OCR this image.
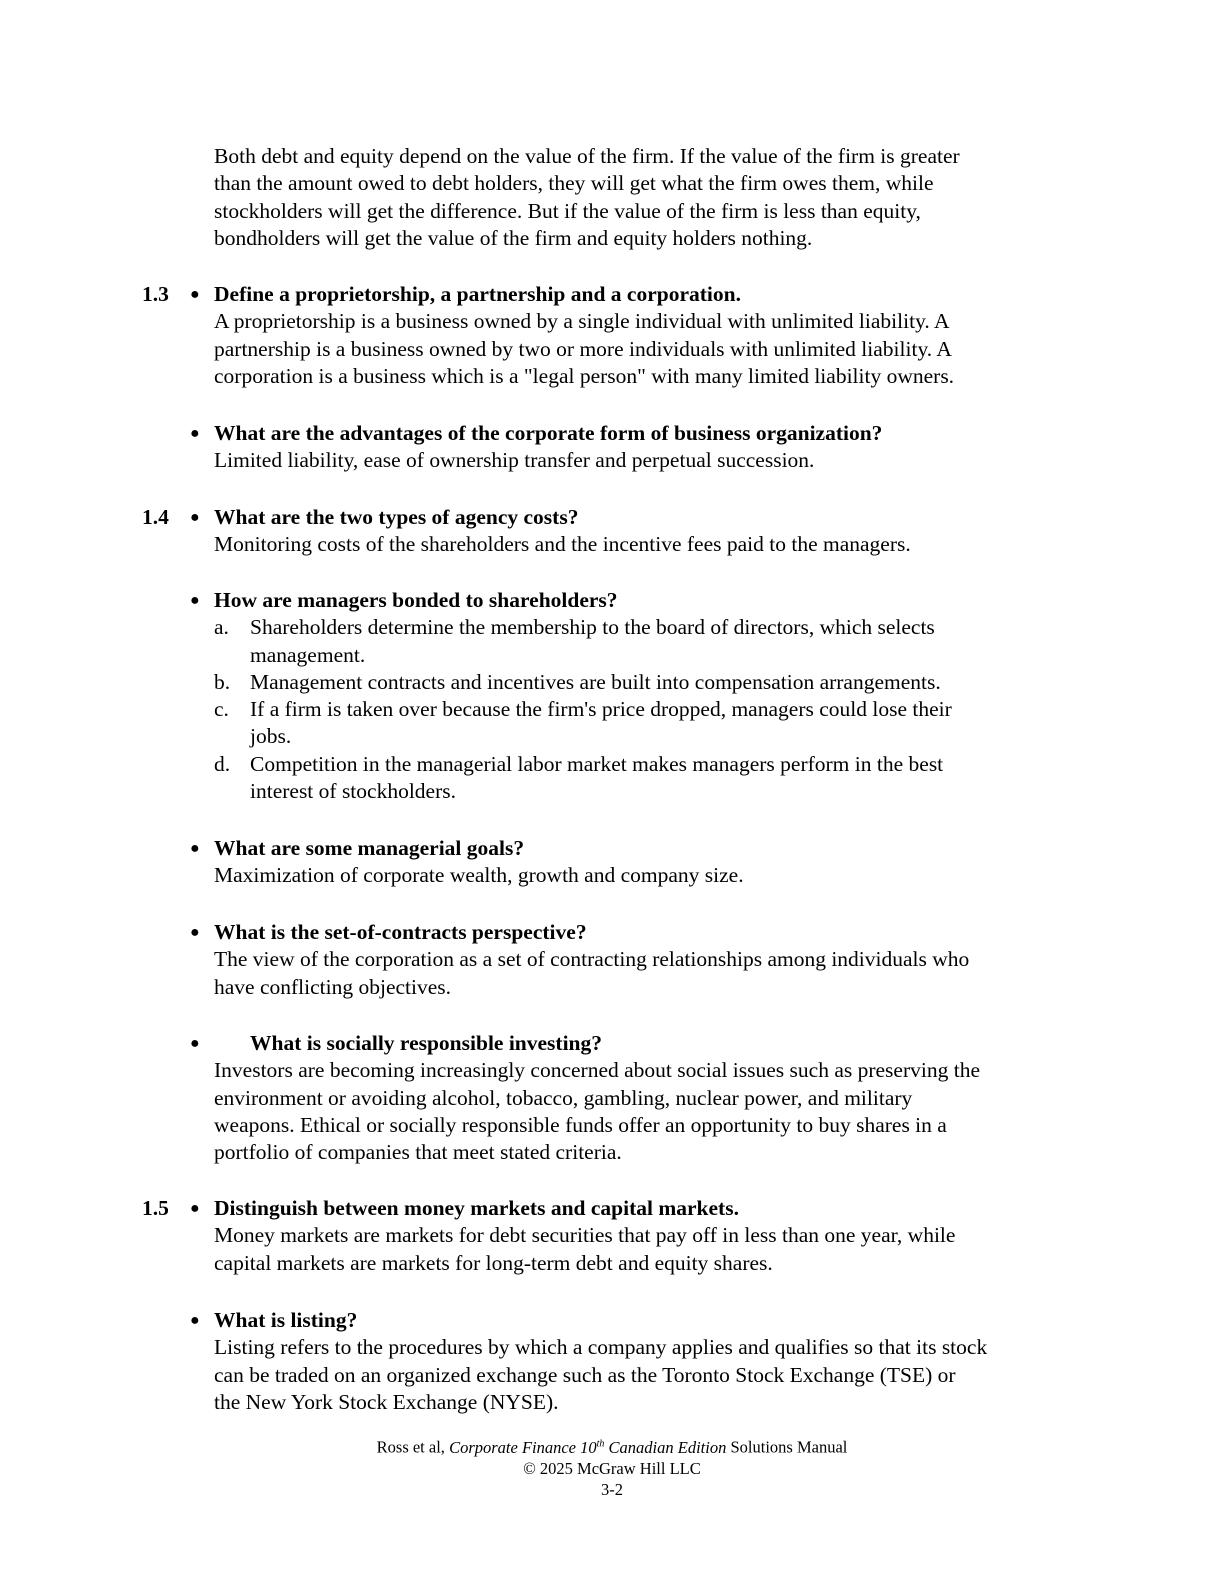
Both debt and equity depend on the value of the firm. If the value of the firm is greater
than the amount owed to debt holders, they will get what the firm owes them, while
stockholders will get the difference. But if the value of the firm is less than equity,
bondholders will get the value of the firm and equity holders nothing.
1.3 ● Define a proprietorship, a partnership and a corporation.
A proprietorship is a business owned by a single individual with unlimited liability. A
partnership is a business owned by two or more individuals with unlimited liability. A
corporation is a business which is a "legal person" with many limited liability owners.
● What are the advantages of the corporate form of business organization?
Limited liability, ease of ownership transfer and perpetual succession.
1.4 ● What are the two types of agency costs?
Monitoring costs of the shareholders and the incentive fees paid to the managers.
● How are managers bonded to shareholders?
a. Shareholders determine the membership to the board of directors, which selects
management.
b. Management contracts and incentives are built into compensation arrangements.
c. If a firm is taken over because the firm's price dropped, managers could lose their
jobs.
d. Competition in the managerial labor market makes managers perform in the best
interest of stockholders.
● What are some managerial goals?
Maximization of corporate wealth, growth and company size.
● What is the set-of-contracts perspective?
The view of the corporation as a set of contracting relationships among individuals who
have conflicting objectives.
●	What is socially responsible investing?
Investors are becoming increasingly concerned about social issues such as preserving the
environment or avoiding alcohol, tobacco, gambling, nuclear power, and military
weapons. Ethical or socially responsible funds offer an opportunity to buy shares in a
portfolio of companies that meet stated criteria.
1.5 ● Distinguish between money markets and capital markets.
Money markets are markets for debt securities that pay off in less than one year, while
capital markets are markets for long-term debt and equity shares.
● What is listing?
Listing refers to the procedures by which a company applies and qualifies so that its stock
can be traded on an organized exchange such as the Toronto Stock Exchange (TSE) or
the New York Stock Exchange (NYSE).
Ross et al, Corporate Finance 10th Canadian Edition Solutions Manual
© 2025 McGraw Hill LLC
3-2
